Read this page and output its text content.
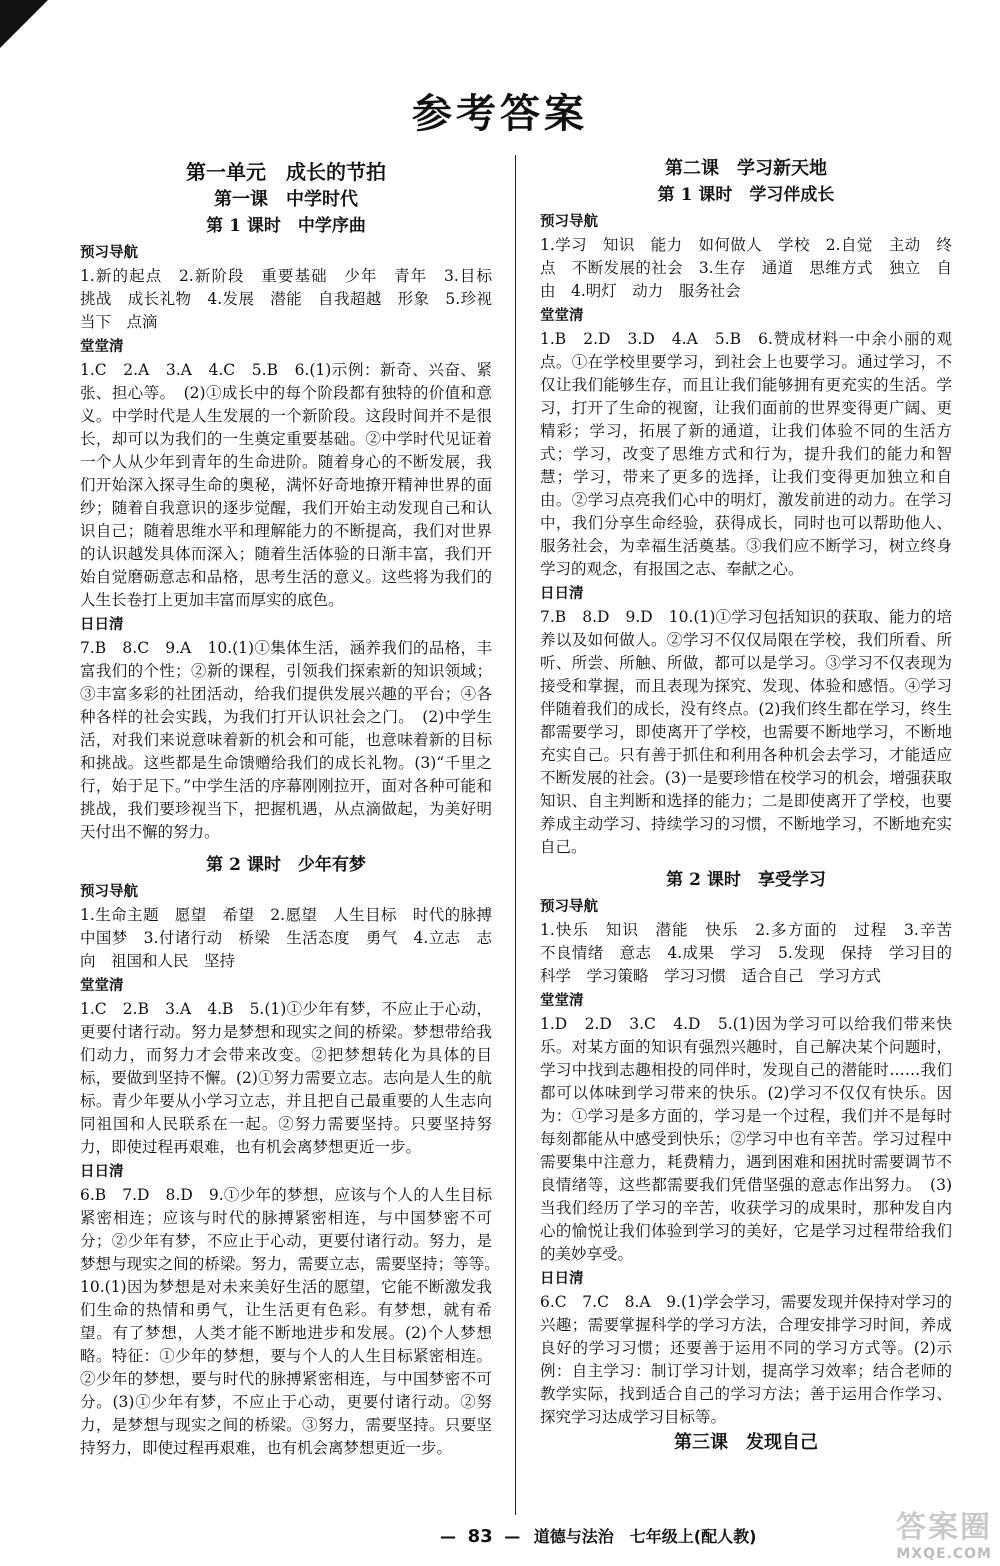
参考答案
第一单元　成长的节拍
第一课　中学时代
第 1 课时　中学序曲
预习导航

1.新的起点　2.新阶段　重要基础　少年　青年　3.目标　挑战　成长礼物　4.发展　潜能　自我超越　形象　5.珍视当下　点滴

堂堂清

1.C　2.A　3.A　4.C　5.B　6.(1)示例：新奇、兴奋、紧张、担心等。　(2)①成长中的每个阶段都有独特的价值和意义。中学时代是人生发展的一个新阶段。这段时间并不是很长，却可以为我们的一生奠定重要基础。②中学时代见证着一个人从少年到青年的生命进阶。随着身心的不断发展，我们开始深入探寻生命的奥秘，满怀好奇地撩开精神世界的面纱；随着自我意识的逐步觉醒，我们开始主动发现自己和认识自己；随着思维水平和理解能力的不断提高，我们对世界的认识越发具体而深入；随着生活体验的日渐丰富，我们开始自觉磨砺意志和品格，思考生活的意义。这些将为我们的人生长卷打上更加丰富而厚实的底色。

日日清

7.B　8.C　9.A　10.(1)①集体生活，涵养我们的品格，丰富我们的个性；②新的课程，引领我们探索新的知识领域；③丰富多彩的社团活动，给我们提供发展兴趣的平台；④各种各样的社会实践，为我们打开认识社会之门。　(2)中学生活，对我们来说意味着新的机会和可能，也意味着新的目标和挑战。这些都是生命馈赠给我们的成长礼物。(3)“千里之行，始于足下。”中学生活的序幕刚刚拉开，面对各种可能和挑战，我们要珍视当下，把握机遇，从点滴做起，为美好明天付出不懈的努力。

第 2 课时　少年有梦
预习导航

1.生命主题　愿望　希望　2.愿望　人生目标　时代的脉搏　中国梦　3.付诸行动　桥梁　生活态度　勇气　4.立志　志向　祖国和人民　坚持

堂堂清

1.C　2.B　3.A　4.B　5.(1)①少年有梦，不应止于心动，更要付诸行动。努力是梦想和现实之间的桥梁。梦想带给我们动力，而努力才会带来改变。②把梦想转化为具体的目标，要做到坚持不懈。(2)①努力需要立志。志向是人生的航标。青少年要从小学习立志，并且把自己最重要的人生志向同祖国和人民联系在一起。②努力需要坚持。只要坚持努力，即使过程再艰难，也有机会离梦想更近一步。

日日清

6.B　7.D　8.D　9.①少年的梦想，应该与个人的人生目标紧密相连；应该与时代的脉搏紧密相连，与中国梦密不可分；②少年有梦，不应止于心动，更要付诸行动。努力，是梦想与现实之间的桥梁。努力，需要立志，需要坚持；等等。　10.(1)因为梦想是对未来美好生活的愿望，它能不断激发我们生命的热情和勇气，让生活更有色彩。有梦想，就有希望。有了梦想，人类才能不断地进步和发展。(2)个人梦想略。特征：①少年的梦想，要与个人的人生目标紧密相连。②少年的梦想，要与时代的脉搏紧密相连，与中国梦密不可分。(3)①少年有梦，不应止于心动，更要付诸行动。②努力，是梦想与现实之间的桥梁。③努力，需要坚持。只要坚持努力，即使过程再艰难，也有机会离梦想更近一步。

第二课　学习新天地
第 1 课时　学习伴成长
预习导航

1.学习　知识　能力　如何做人　学校　2.自觉　主动　终点　不断发展的社会　3.生存　通道　思维方式　独立　自由　4.明灯　动力　服务社会

堂堂清

1.B　2.D　3.D　4.A　5.B　6.赞成材料一中余小丽的观点。①在学校里要学习，到社会上也要学习。通过学习，不仅让我们能够生存，而且让我们能够拥有更充实的生活。学习，打开了生命的视窗，让我们面前的世界变得更广阔、更精彩；学习，拓展了新的通道，让我们体验不同的生活方式；学习，改变了思维方式和行为，提升我们的能力和智慧；学习，带来了更多的选择，让我们变得更加独立和自由。②学习点亮我们心中的明灯，激发前进的动力。在学习中，我们分享生命经验，获得成长，同时也可以帮助他人、服务社会，为幸福生活奠基。③我们应不断学习，树立终身学习的观念，有报国之志、奉献之心。

日日清

7.B　8.D　9.D　10.(1)①学习包括知识的获取、能力的培养以及如何做人。②学习不仅仅局限在学校，我们所看、所听、所尝、所触、所做，都可以是学习。③学习不仅表现为接受和掌握，而且表现为探究、发现、体验和感悟。④学习伴随着我们的成长，没有终点。(2)我们终生都在学习，终生都需要学习，即使离开了学校，也需要不断地学习，不断地充实自己。只有善于抓住和利用各种机会去学习，才能适应不断发展的社会。(3)一是要珍惜在校学习的机会，增强获取知识、自主判断和选择的能力；二是即使离开了学校，也要养成主动学习、持续学习的习惯，不断地学习，不断地充实自己。

第 2 课时　享受学习
预习导航

1.快乐　知识　潜能　快乐　2.多方面的　过程　3.辛苦　不良情绪　意志　4.成果　学习　5.发现　保持　学习目的　科学　学习策略　学习习惯　适合自己　学习方式

堂堂清

1.D　2.D　3.C　4.D　5.(1)因为学习可以给我们带来快乐。对某方面的知识有强烈兴趣时，自己解决某个问题时，学习中找到志趣相投的同伴时，发现自己的潜能时……我们都可以体味到学习带来的快乐。(2)学习不仅仅有快乐。因为：①学习是多方面的，学习是一个过程，我们并不是每时每刻都能从中感受到快乐；②学习中也有辛苦。学习过程中需要集中注意力，耗费精力，遇到困难和困扰时需要调节不良情绪等，这些都需要我们凭借坚强的意志作出努力。　(3)当我们经历了学习的辛苦，收获学习的成果时，那种发自内心的愉悦让我们体验到学习的美好，它是学习过程带给我们的美妙享受。

日日清

6.C　7.C　8.A　9.(1)学会学习，需要发现并保持对学习的兴趣；需要掌握科学的学习方法，合理安排学习时间，养成良好的学习习惯；还要善于运用不同的学习方式等。(2)示例：自主学习：制订学习计划，提高学习效率；结合老师的教学实际，找到适合自己的学习方法；善于运用合作学习、探究学习达成学习目标等。

第三课　发现自己
— 83 — 道德与法治　七年级上(配人教)	答案圈
MXQE.COM
